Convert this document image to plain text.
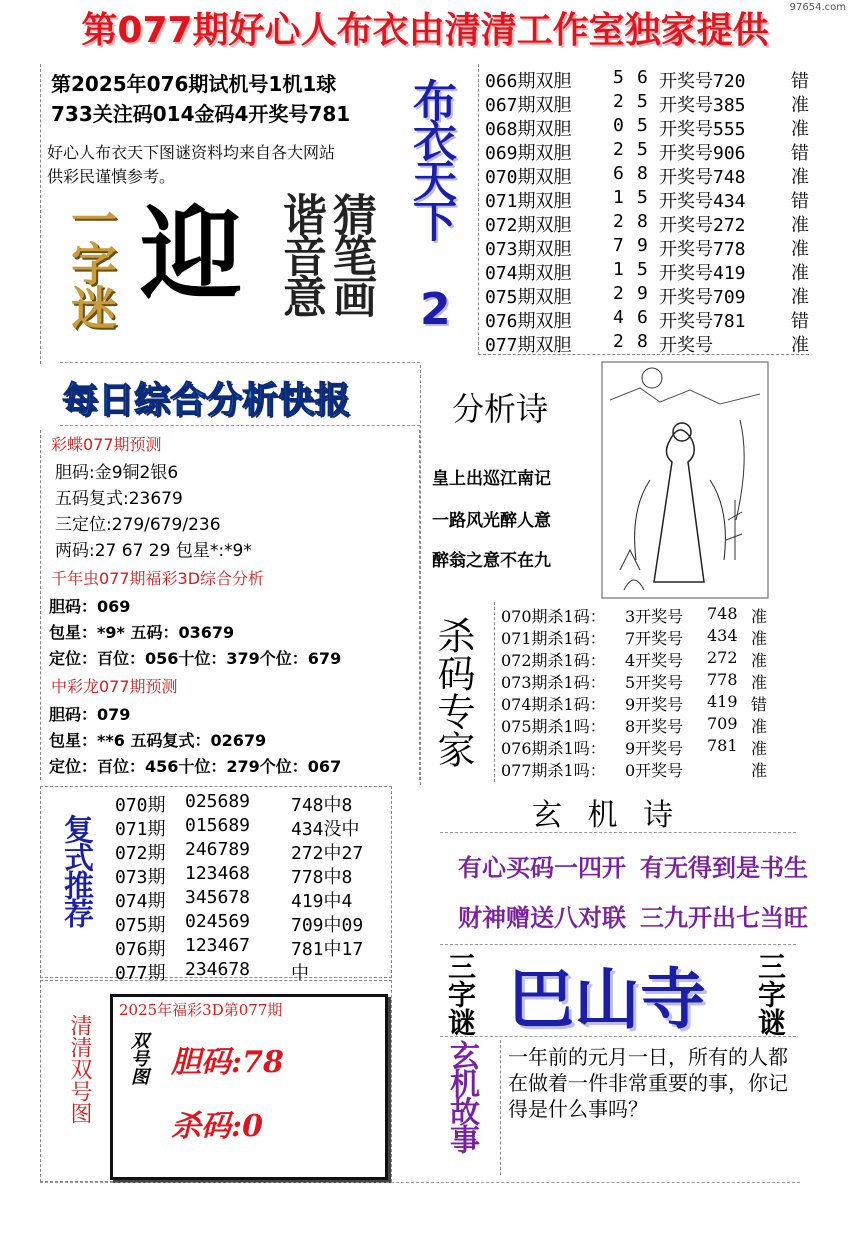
97654.com
第077期好心人布衣由清清工作室独家提供
第2025年076期试机号1机1球
733关注码014金码4开奖号781
好心人布衣天下图谜资料均来自各大网站
供彩民谨慎参考。
一字迷 迎 猜笔画
谐音意
布衣天下
2
066期双胆 5 6 开奖号720	错
067期双胆 2 5 开奖号385	准
068期双胆 0 5 开奖号555	准
069期双胆 2 5 开奖号906	错
070期双胆 6 8 开奖号748	准
071期双胆 1 5 开奖号434	错
072期双胆 2 8 开奖号272	准
073期双胆 7 9 开奖号778	准
074期双胆 1 5 开奖号419	准
075期双胆 2 9 开奖号709	准
076期双胆 4 6 开奖号781	错
077期双胆 2 8 开奖号	准
每日综合分析快报
彩蝶077期预测
胆码:金9铜2银6
五码复式:23679
三定位:279/679/236
两码:27 67 29 包星*:*9*
千年虫077期福彩3D综合分析
胆码：069
包星：*9* 五码：03679
定位：百位：056十位：379个位：679
中彩龙077期预测
胆码：079
包星：**6 五码复式：02679
定位：百位：456十位：279个位：067
分析诗
皇上出巡江南记
一路风光醉人意
醉翁之意不在九
杀码专家 070期杀1码： 3开奖号 748 准
071期杀1码： 7开奖号 434 准
072期杀1码： 4开奖号 272 准
073期杀1码： 5开奖号 778 准
074期杀1码： 9开奖号 419 错
075期杀1吗： 8开奖号 709 准
076期杀1吗： 9开奖号 781 准
077期杀1吗： 0开奖号	准
复式推荐
070期 025689 748中8
071期 015689 434没中
072期 246789 272中27
073期 123468 778中8
074期 345678 419中4
075期 024569 709中09
076期 123467 781中17
077期 234678 中
玄 机 诗
有心买码一四开 有无得到是书生
财神赠送八对联 三九开出七当旺
三字谜 巴山寺 三字谜
玄机故事 一年前的元月一日，所有的人都在做着一件非常重要的事，你记得是什么事吗？
清清双号图
2025年福彩3D第077期
双号图 胆码:78
杀码:0
